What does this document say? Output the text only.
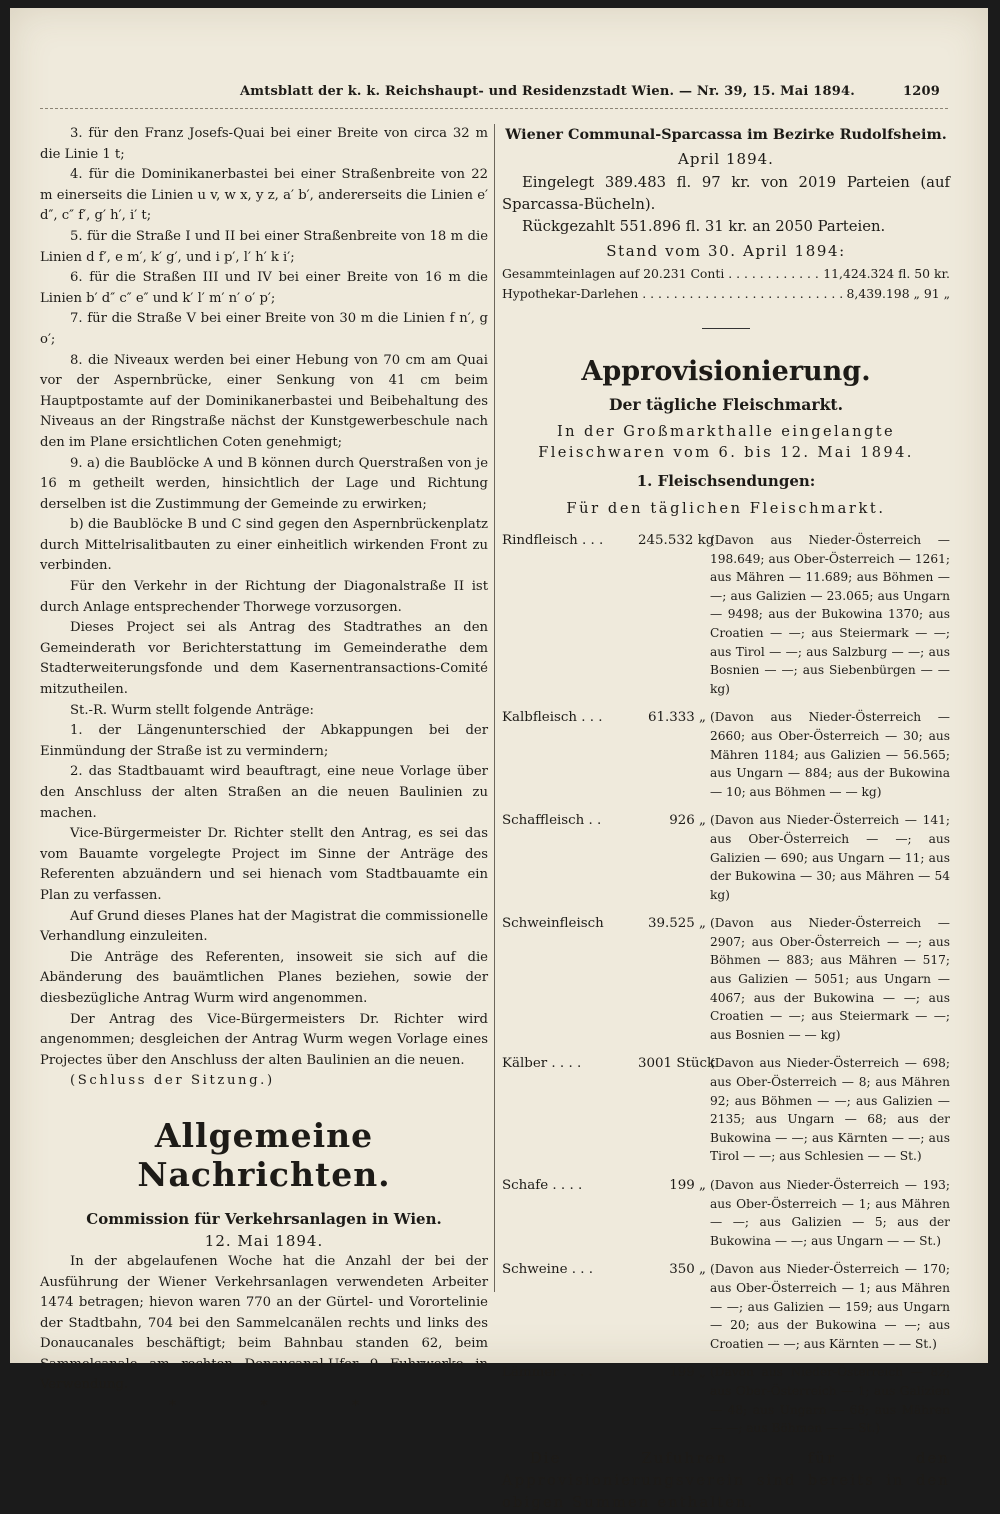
Amtsblatt der k. k. Reichshaupt- und Residenzstadt Wien. — Nr. 39, 15. Mai 1894.	1209

3. für den Franz Josefs-Quai bei einer Breite von circa 32 m die Linie 1 t;

4. für die Dominikanerbastei bei einer Straßenbreite von 22 m einerseits die Linien u v, w x, y z, a′ b′, andererseits die Linien e′ d″, c″ f′, g′ h′, i′ t;

5. für die Straße I und II bei einer Straßenbreite von 18 m die Linien d f′, e m′, k′ g′, und i p′, l′ h′ k i′;

6. für die Straßen III und IV bei einer Breite von 16 m die Linien b′ d″ c″ e″ und k′ l′ m′ n′ o′ p′;

7. für die Straße V bei einer Breite von 30 m die Linien f n′, g o′;

8. die Niveaux werden bei einer Hebung von 70 cm am Quai vor der Aspernbrücke, einer Senkung von 41 cm beim Hauptpostamte auf der Dominikanerbastei und Beibehaltung des Niveaus an der Ringstraße nächst der Kunstgewerbeschule nach den im Plane ersichtlichen Coten genehmigt;

9. a) die Baublöcke A und B können durch Querstraßen von je 16 m getheilt werden, hinsichtlich der Lage und Richtung derselben ist die Zustimmung der Gemeinde zu erwirken;

b) die Baublöcke B und C sind gegen den Aspernbrückenplatz durch Mittelrisalitbauten zu einer einheitlich wirkenden Front zu verbinden.

Für den Verkehr in der Richtung der Diagonalstraße II ist durch Anlage entsprechender Thorwege vorzusorgen.

Dieses Project sei als Antrag des Stadtrathes an den Gemeinderath vor Berichterstattung im Gemeinderathe dem Stadterweiterungsfonde und dem Kasernentransactions-Comité mitzutheilen.

St.-R. Wurm stellt folgende Anträge:

1. der Längenunterschied der Abkappungen bei der Einmündung der Straße ist zu vermindern;

2. das Stadtbauamt wird beauftragt, eine neue Vorlage über den Anschluss der alten Straßen an die neuen Baulinien zu machen.

Vice-Bürgermeister Dr. Richter stellt den Antrag, es sei das vom Bauamte vorgelegte Project im Sinne der Anträge des Referenten abzuändern und sei hienach vom Stadtbauamte ein Plan zu verfassen.

Auf Grund dieses Planes hat der Magistrat die commissionelle Verhandlung einzuleiten.

Die Anträge des Referenten, insoweit sie sich auf die Abänderung des bauämtlichen Planes beziehen, sowie der diesbezügliche Antrag Wurm wird angenommen.

Der Antrag des Vice-Bürgermeisters Dr. Richter wird angenommen; desgleichen der Antrag Wurm wegen Vorlage eines Projectes über den Anschluss der alten Baulinien an die neuen.

(Schluss der Sitzung.)

Allgemeine Nachrichten.
Commission für Verkehrsanlagen in Wien.
12. Mai 1894.

In der abgelaufenen Woche hat die Anzahl der bei der Ausführung der Wiener Verkehrsanlagen verwendeten Arbeiter 1474 betragen; hievon waren 770 an der Gürtel- und Vorortelinie der Stadtbahn, 704 bei den Sammelcanälen rechts und links des Donaucanales beschäftigt; beim Bahnbau standen 62, beim Sammelcanale am rechten Donaucanal-Ufer 9 Fuhrwerke in Verwendung.

* * *
Wiener Communal-Sparcassa im Bezirke Rudolfsheim.
April 1894.

Eingelegt 389.483 fl. 97 kr. von 2019 Parteien (auf Sparcassa-Bücheln).

Rückgezahlt 551.896 fl. 31 kr. an 2050 Parteien.

Stand vom 30. April 1894:
Gesammteinlagen auf 20.231 Conti . . .	11,424.324 fl. 50 kr.
Hypothekar-Darlehen . . .	8,439.198 „ 91 „
Approvisionierung.
Der tägliche Fleischmarkt.

In der Großmarkthalle eingelangte Fleischwaren vom 6. bis 12. Mai 1894.

1. Fleischsendungen:
Für den täglichen Fleischmarkt.
Rindfleisch . . .	245.532 kg
(Davon aus Nieder-Österreich — 198.649; aus Ober-Österreich — 1261; aus Mähren — 11.689; aus Böhmen — —; aus Galizien — 23.065; aus Ungarn — 9498; aus der Bukowina 1370; aus Croatien — —; aus Steiermark — —; aus Tirol — —; aus Salzburg — —; aus Bosnien — —; aus Siebenbürgen — — kg)
Kalbfleisch . . .	61.333 „ (Davon aus Nieder-Österreich — 2660; aus Ober-Österreich — 30; aus Mähren 1184; aus Galizien — 56.565; aus Ungarn — 884; aus der Bukowina — 10; aus Böhmen — — kg)
Schaffleisch . .	926 „ (Davon aus Nieder-Österreich — 141; aus Ober-Österreich — —; aus Galizien — 690; aus Ungarn — 11; aus der Bukowina — 30; aus Mähren — 54 kg)
Schweinfleisch	39.525 „ (Davon aus Nieder-Österreich — 2907; aus Ober-Österreich — —; aus Böhmen — 883; aus Mähren — 517; aus Galizien — 5051; aus Ungarn — 4067; aus der Bukowina — —; aus Croatien — —; aus Steiermark — —; aus Bosnien — — kg)
Kälber . . . .	3001 Stück
(Davon aus Nieder-Österreich — 698; aus Ober-Österreich — 8; aus Mähren 92; aus Böhmen — —; aus Galizien — 2135; aus Ungarn — 68; aus der Bukowina — —; aus Kärnten — —; aus Tirol — —; aus Schlesien — — St.)
Schafe . . . .	199 „ (Davon aus Nieder-Österreich — 193; aus Ober-Österreich — 1; aus Mähren — —; aus Galizien — 5; aus der Bukowina — —; aus Ungarn — — St.)
Schweine . . .	350 „ (Davon aus Nieder-Österreich — 170; aus Ober-Österreich — 1; aus Mähren — —; aus Galizien — 159; aus Ungarn — 20; aus der Bukowina — —; aus Croatien — —; aus Kärnten — — St.)
Lämmer . . . .	199 „ (Davon aus Nieder-Österreich — 82; aus Ober-Österreich — 1; aus Galizien — 48; aus Ungarn — 68; aus Mähren — —; aus Böhmen — — St.)

Die Zufuhren für den Approvisionierungsverein sind bereits in den obigen Summen enthalten.
